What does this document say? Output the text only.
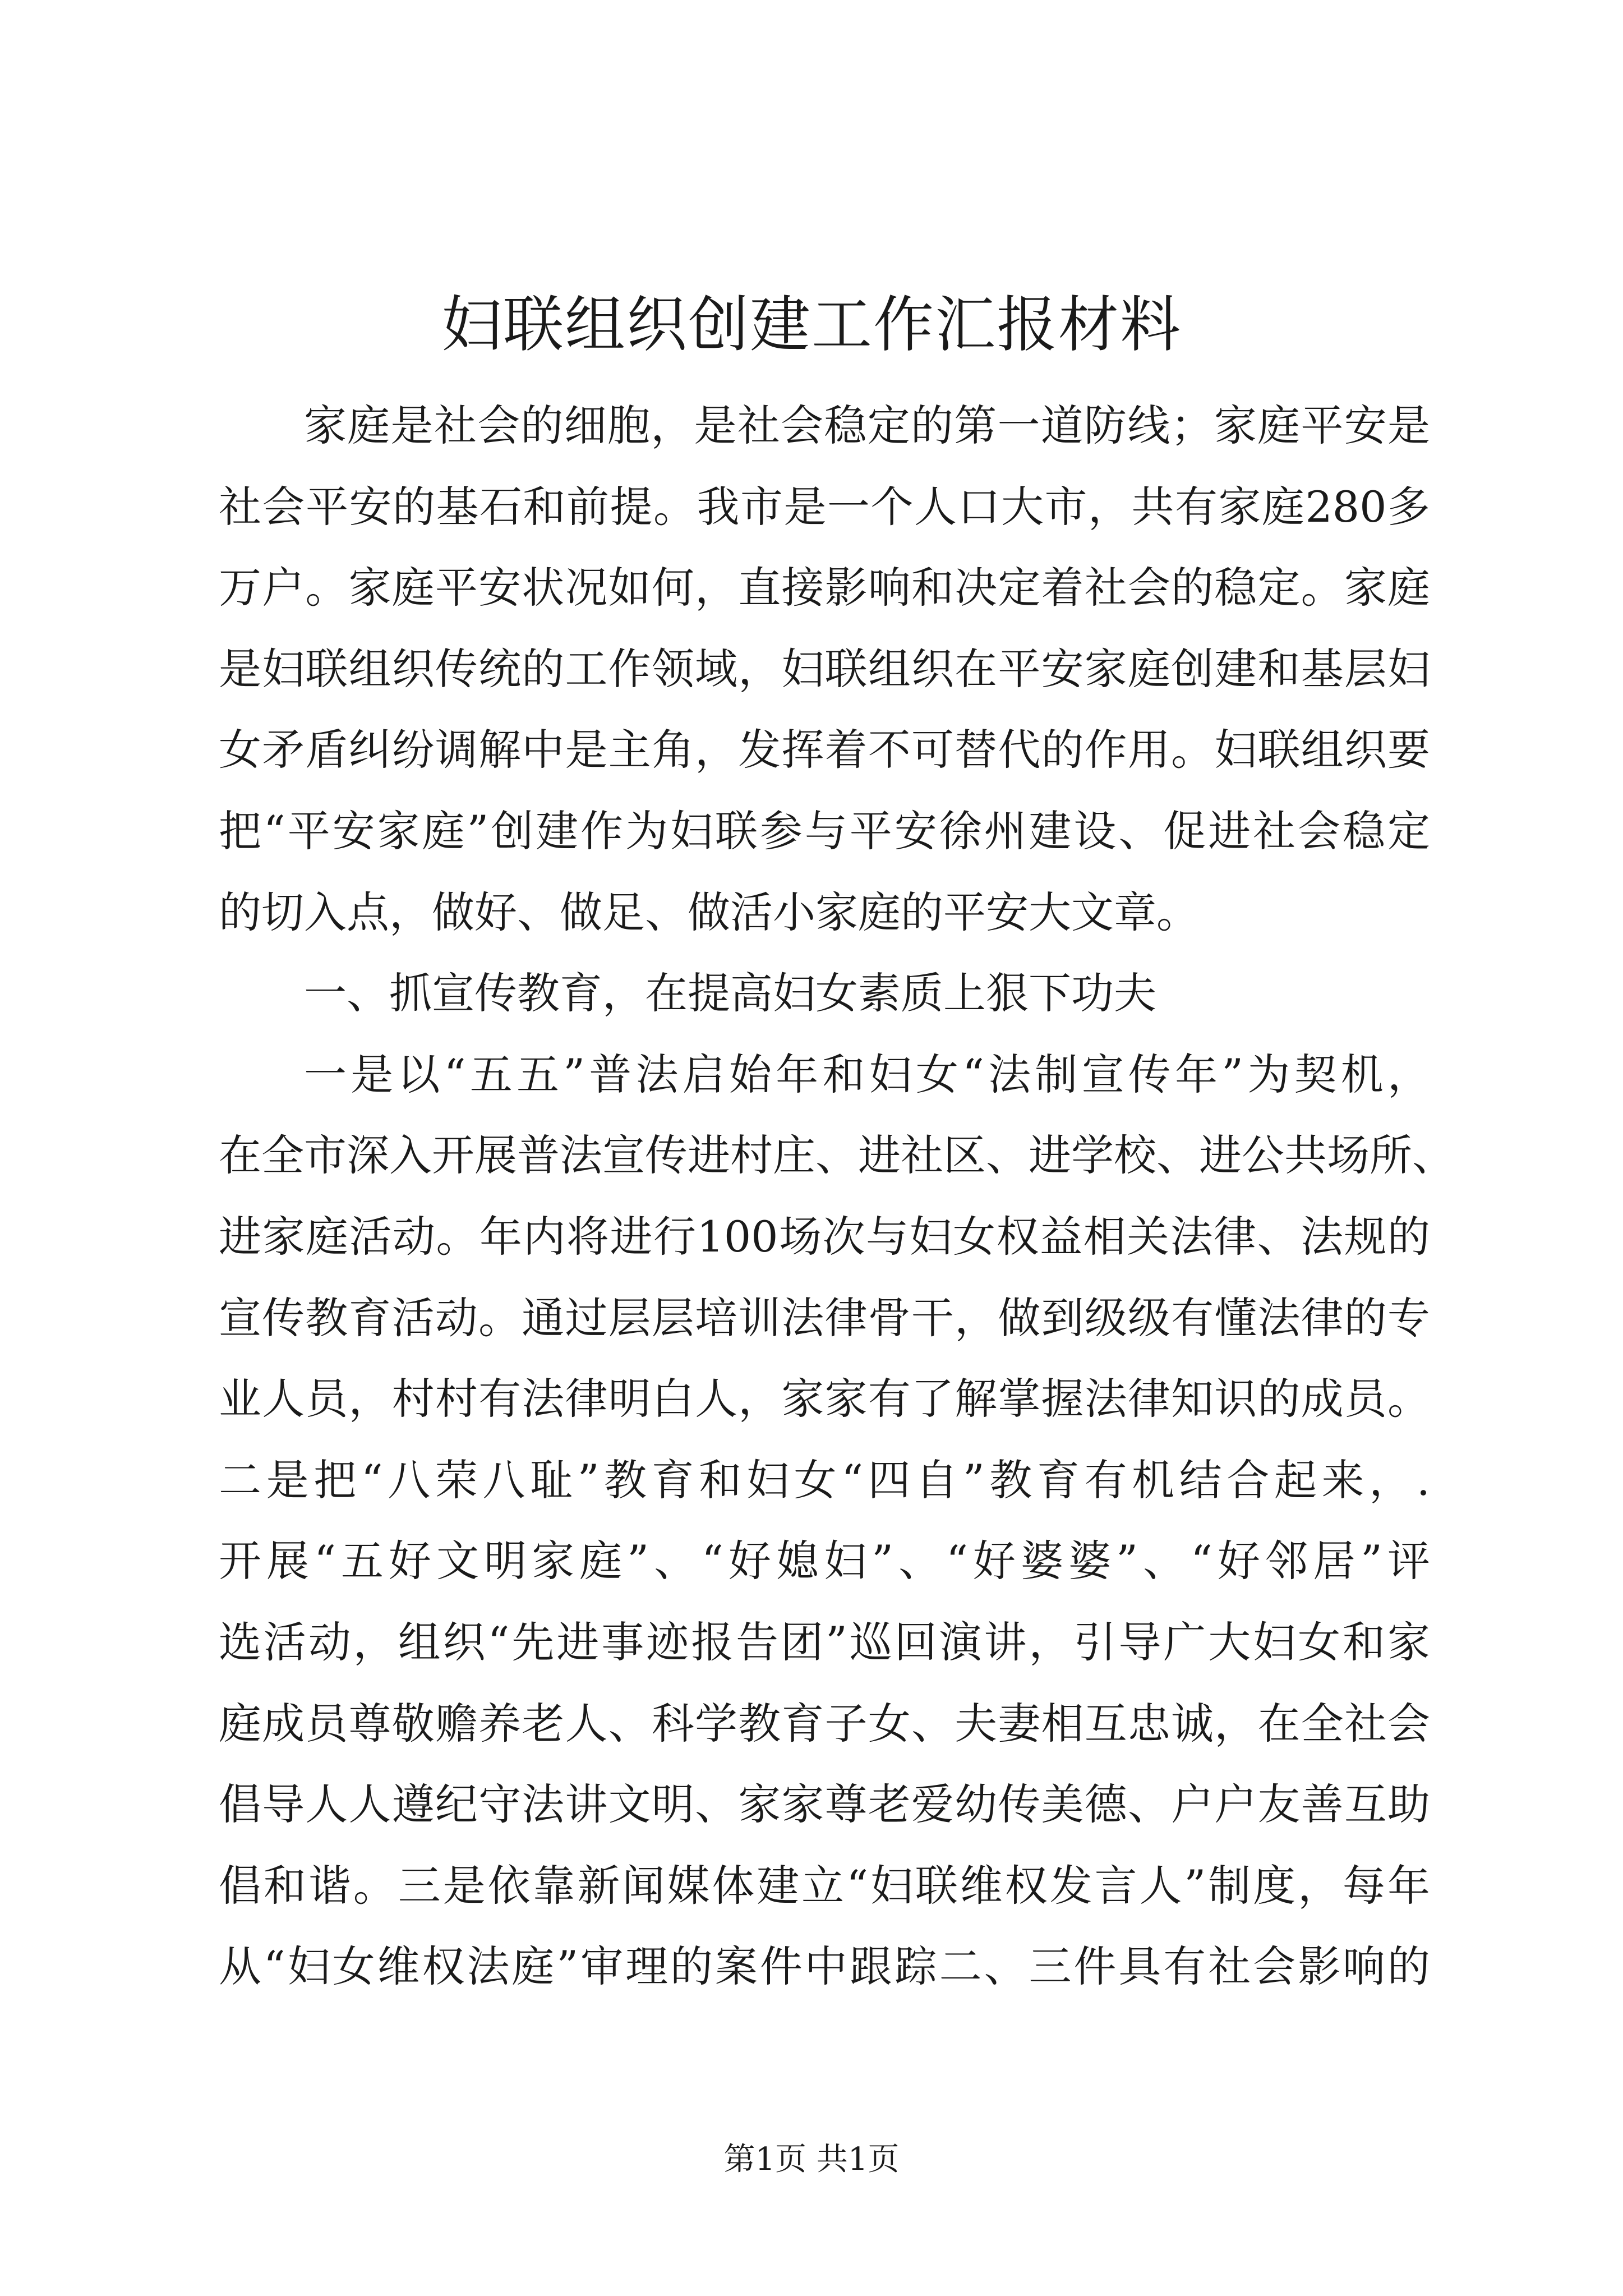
妇联组织创建工作汇报材料
家庭是社会的细胞，是社会稳定的第一道防线；家庭平安是
社会平安的基石和前提。我市是一个人口大市，共有家庭280多
万户。家庭平安状况如何，直接影响和决定着社会的稳定。家庭
是妇联组织传统的工作领域，妇联组织在平安家庭创建和基层妇
女矛盾纠纷调解中是主角，发挥着不可替代的作用。妇联组织要
把“平安家庭”创建作为妇联参与平安徐州建设、促进社会稳定
的切入点，做好、做足、做活小家庭的平安大文章。
一、抓宣传教育，在提高妇女素质上狠下功夫
一是以“五五”普法启始年和妇女“法制宣传年”为契机，
在全市深入开展普法宣传进村庄、进社区、进学校、进公共场所、
进家庭活动。年内将进行100场次与妇女权益相关法律、法规的
宣传教育活动。通过层层培训法律骨干，做到级级有懂法律的专
业人员，村村有法律明白人，家家有了解掌握法律知识的成员。
二是把“八荣八耻”教育和妇女“四自”教育有机结合起来，.
开展“五好文明家庭”、“好媳妇”、“好婆婆”、“好邻居”评
选活动，组织“先进事迹报告团”巡回演讲，引导广大妇女和家
庭成员尊敬赡养老人、科学教育子女、夫妻相互忠诚，在全社会
倡导人人遵纪守法讲文明、家家尊老爱幼传美德、户户友善互助
倡和谐。三是依靠新闻媒体建立“妇联维权发言人”制度，每年
从“妇女维权法庭”审理的案件中跟踪二、三件具有社会影响的
第1页 共1页
